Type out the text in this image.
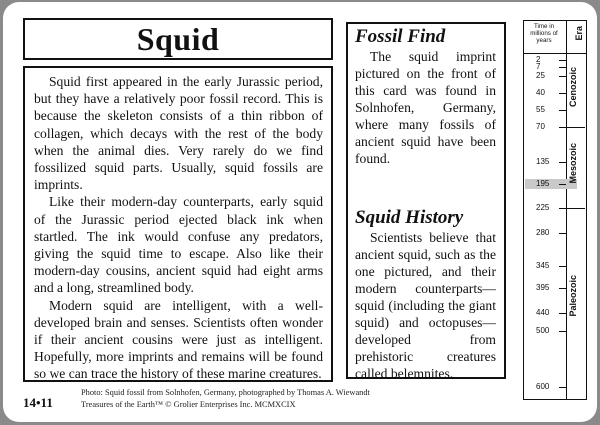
Squid

Squid first appeared in the early Jurassic period, but they have a relatively poor fossil record. This is because the skeleton consists of a thin ribbon of collagen, which decays with the rest of the body when the animal dies. Very rarely do we find fossilized squid parts. Usually, squid fossils are imprints.

Like their modern-day counterparts, early squid of the Jurassic period ejected black ink when startled. The ink would confuse any predators, giving the squid time to escape. Also like their modern-day cousins, ancient squid had eight arms and a long, streamlined body.

Modern squid are intelligent, with a well-developed brain and senses. Scientists often wonder if their ancient cousins were just as intelligent. Hopefully, more imprints and remains will be found so we can trace the history of these marine creatures.

Fossil Find

The squid imprint pictured on the front of this card was found in Solnhofen, Germany, where many fossils of ancient squid have been found.

Squid History

Scientists believe that ancient squid, such as the one pictured, and their modern counterparts—squid (including the giant squid) and octopuses—developed from prehistoric creatures called belemnites.

14•11
Photo: Squid fossil from Solnhofen, Germany, photographed by Thomas A. Wiewandt
Treasures of the Earth™ © Grolier Enterprises Inc. MCMXCIX
Time in millions of years	Era
2
7
25
40
55
70
135
195
225
280
345
395
440
500
600
Cenozoic
Mesozoic
Paleozoic
